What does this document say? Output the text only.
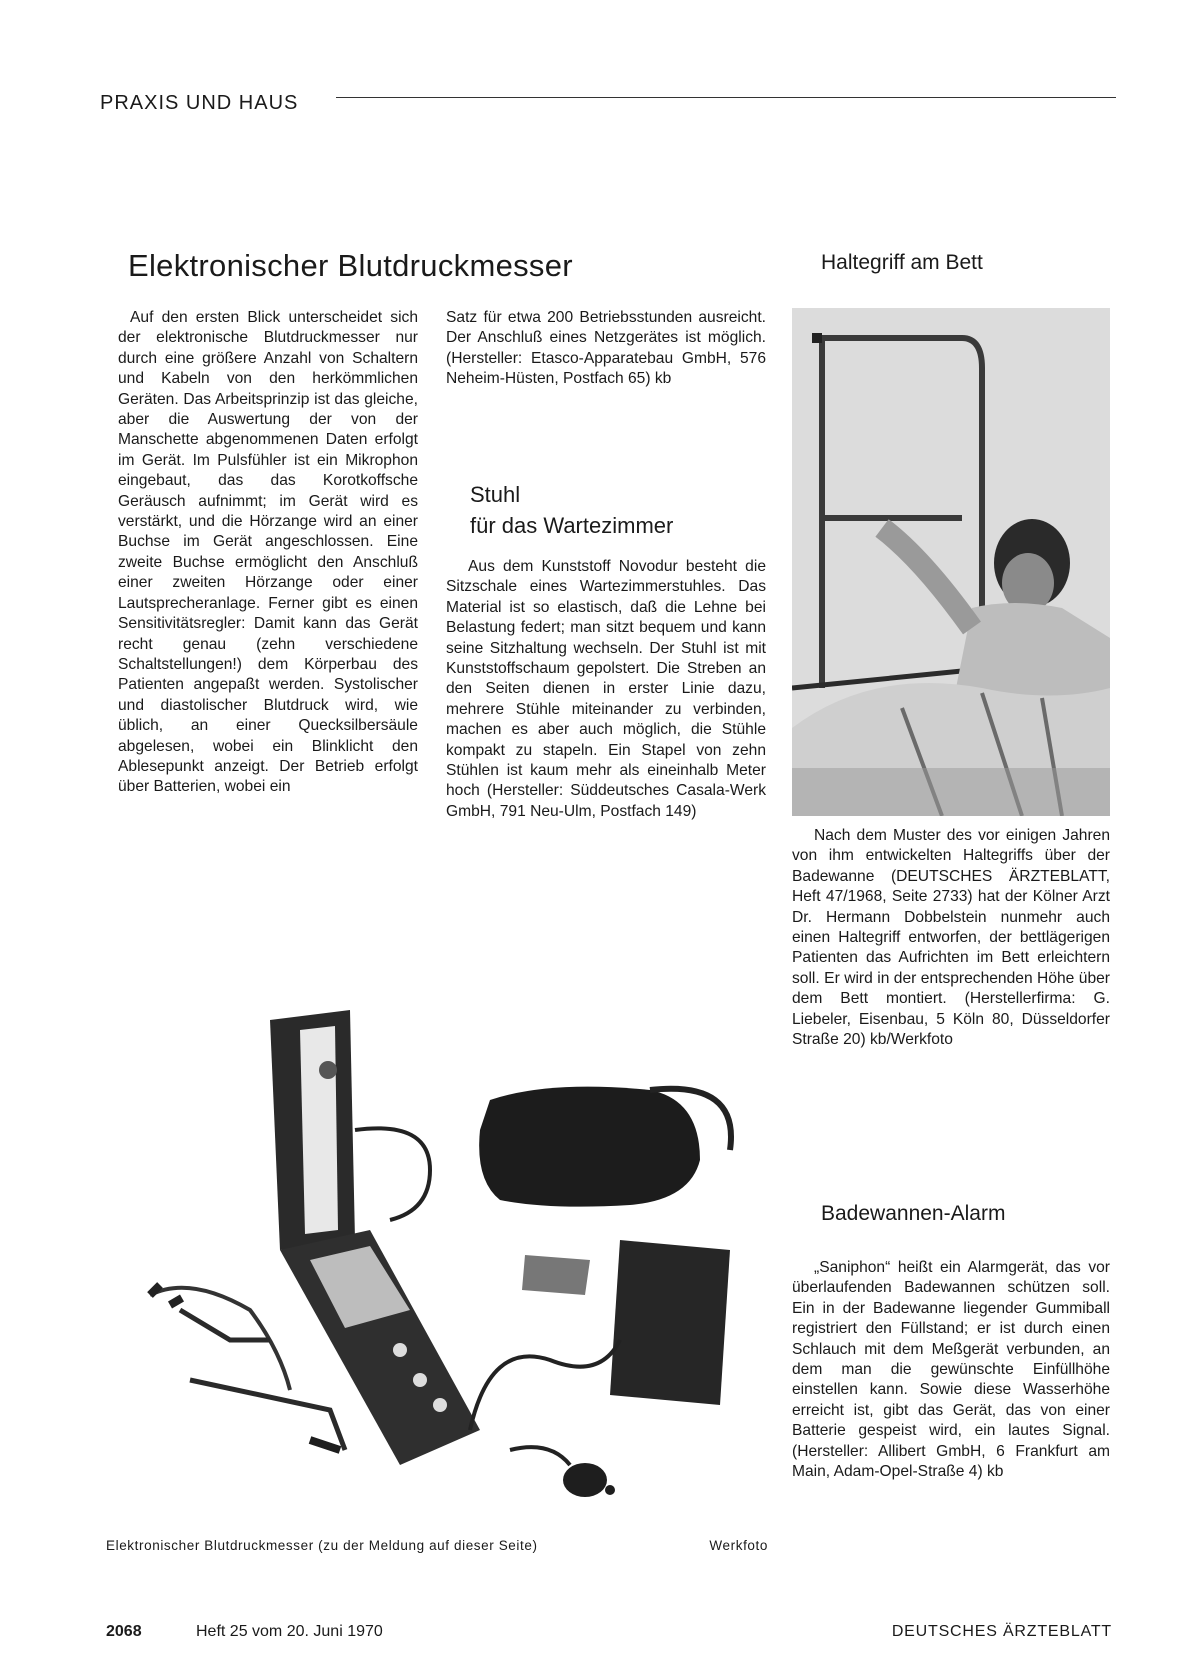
PRAXIS UND HAUS
Elektronischer Blutdruckmesser	Haltegriff am Bett
Stuhl
für das Wartezimmer
Badewannen-Alarm

Auf den ersten Blick unterscheidet sich der elektronische Blutdruckmesser nur durch eine größere Anzahl von Schaltern und Kabeln von den herkömmlichen Geräten. Das Arbeitsprinzip ist das gleiche, aber die Auswertung der von der Manschette abgenommenen Daten erfolgt im Gerät. Im Pulsfühler ist ein Mikrophon eingebaut, das das Korotkoffsche Geräusch aufnimmt; im Gerät wird es verstärkt, und die Hörzange wird an einer Buchse im Gerät angeschlossen. Eine zweite Buchse ermöglicht den Anschluß einer zweiten Hörzange oder einer Lautsprecheranlage. Ferner gibt es einen Sensitivitätsregler: Damit kann das Gerät recht genau (zehn verschiedene Schaltstellungen!) dem Körperbau des Patienten angepaßt werden. Systolischer und diastolischer Blutdruck wird, wie üblich, an einer Quecksilbersäule abgelesen, wobei ein Blinklicht den Ablesepunkt anzeigt. Der Betrieb erfolgt über Batterien, wobei ein

Satz für etwa 200 Betriebsstunden ausreicht. Der Anschluß eines Netzgerätes ist möglich. (Hersteller: Etasco-Apparatebau GmbH, 576 Neheim-Hüsten, Postfach 65) kb

Aus dem Kunststoff Novodur besteht die Sitzschale eines Wartezimmerstuhles. Das Material ist so elastisch, daß die Lehne bei Belastung federt; man sitzt bequem und kann seine Sitzhaltung wechseln. Der Stuhl ist mit Kunststoffschaum gepolstert. Die Streben an den Seiten dienen in erster Linie dazu, mehrere Stühle miteinander zu verbinden, machen es aber auch möglich, die Stühle kompakt zu stapeln. Ein Stapel von zehn Stühlen ist kaum mehr als eineinhalb Meter hoch (Hersteller: Süddeutsches Casala-Werk GmbH, 791 Neu-Ulm, Postfach 149)

Nach dem Muster des vor einigen Jahren von ihm entwickelten Haltegriffs über der Badewanne (DEUTSCHES ÄRZTEBLATT, Heft 47/1968, Seite 2733) hat der Kölner Arzt Dr. Hermann Dobbelstein nunmehr auch einen Haltegriff entworfen, der bettlägerigen Patienten das Aufrichten im Bett erleichtern soll. Er wird in der entsprechenden Höhe über dem Bett montiert. (Herstellerfirma: G. Liebeler, Eisenbau, 5 Köln 80, Düsseldorfer Straße 20) kb/Werkfoto

„Saniphon“ heißt ein Alarmgerät, das vor überlaufenden Badewannen schützen soll. Ein in der Badewanne liegender Gummiball registriert den Füllstand; er ist durch einen Schlauch mit dem Meßgerät verbunden, an dem man die gewünschte Einfüllhöhe einstellen kann. Sowie diese Wasserhöhe erreicht ist, gibt das Gerät, das von einer Batterie gespeist wird, ein lautes Signal. (Hersteller: Allibert GmbH, 6 Frankfurt am Main, Adam-Opel-Straße 4) kb

Elektronischer Blutdruckmesser (zu der Meldung auf dieser Seite)	Werkfoto
2068	Heft 25 vom 20. Juni 1970	DEUTSCHES ÄRZTEBLATT
